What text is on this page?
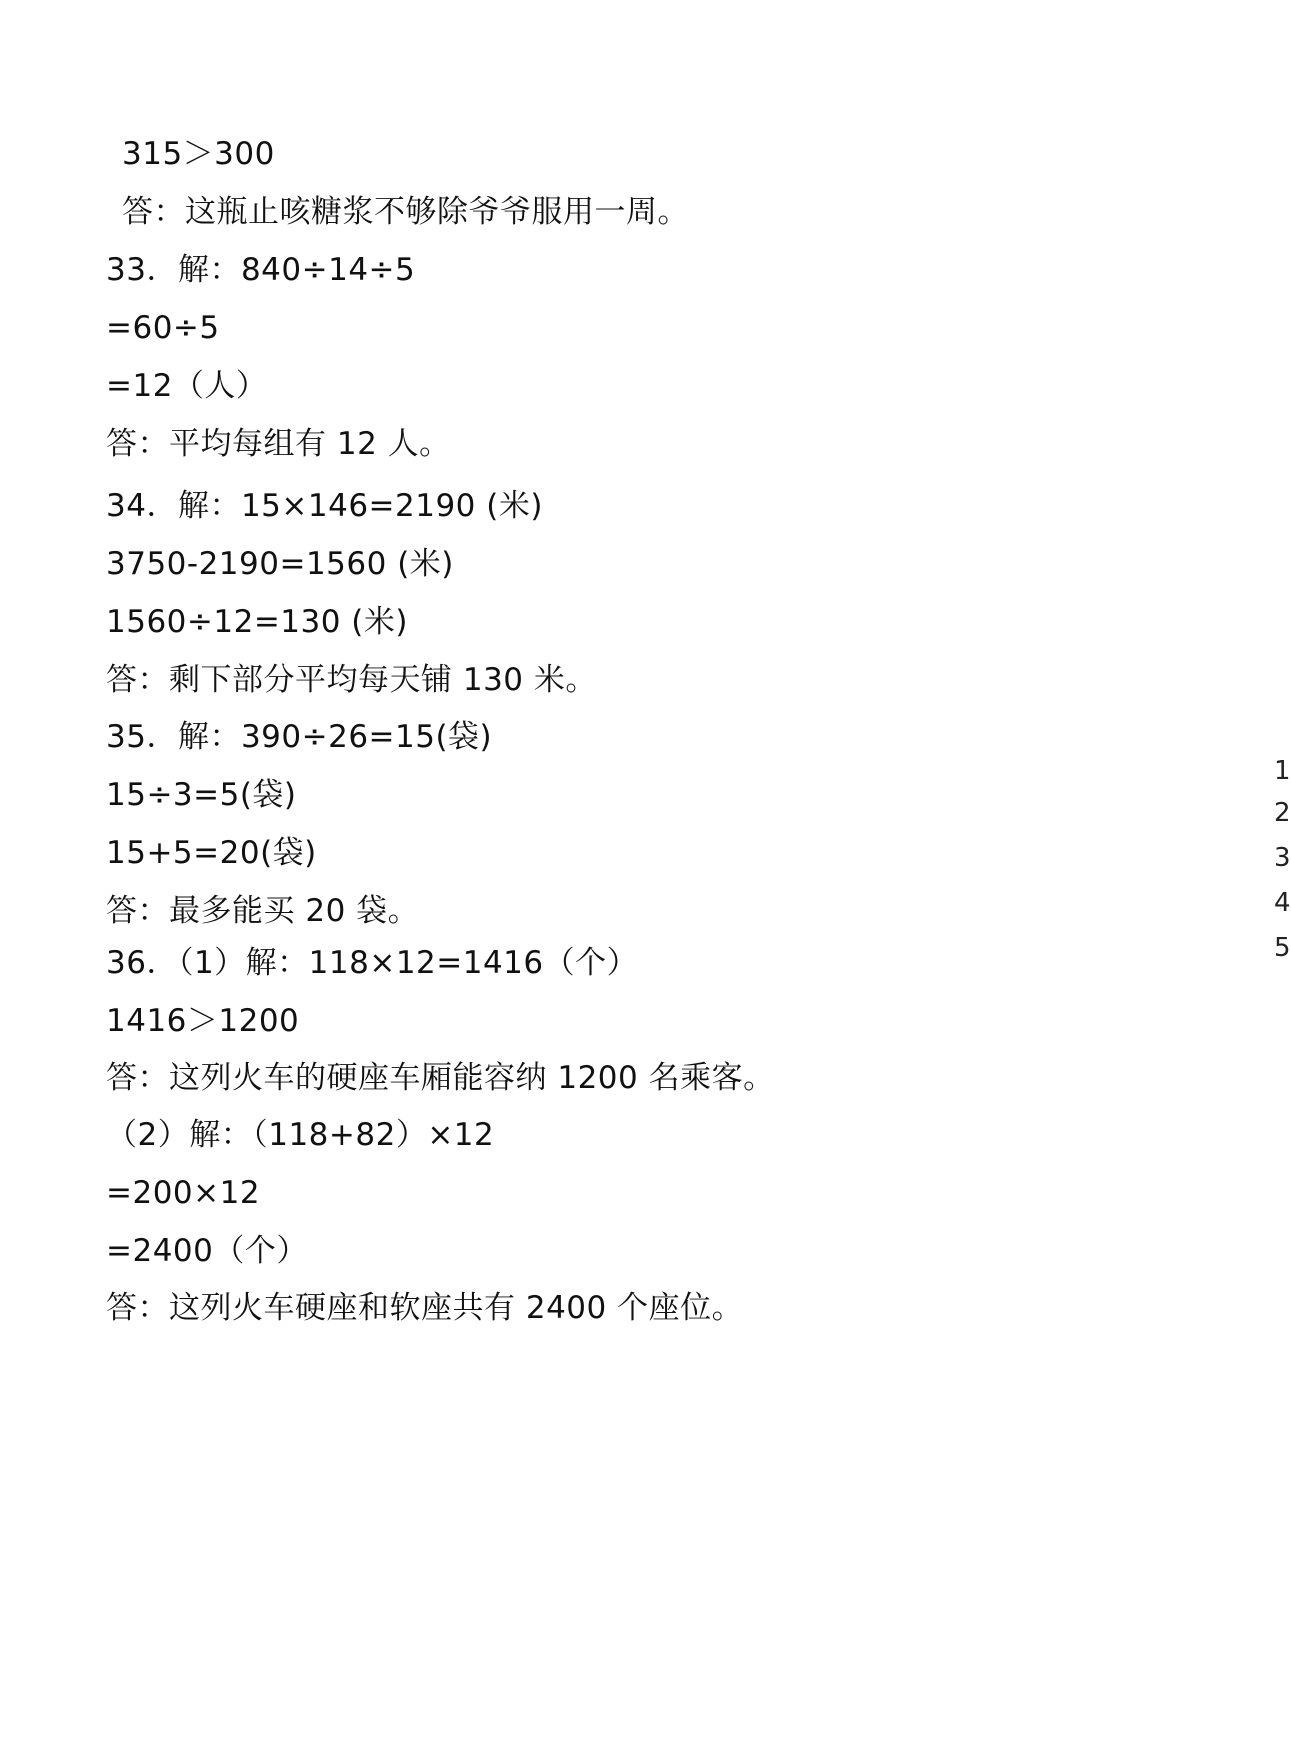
315＞300
答：这瓶止咳糖浆不够除爷爷服用一周。
33．解：840÷14÷5
=60÷5
=12（人）
答：平均每组有 12 人。
34．解：15×146=2190 (米)
3750-2190=1560 (米)
1560÷12=130 (米)
答：剩下部分平均每天铺 130 米。
35．解：390÷26=15(袋)
15÷3=5(袋)
15+5=20(袋)
答：最多能买 20 袋。
36．（1）解：118×12=1416（个）
1416＞1200
答：这列火车的硬座车厢能容纳 1200 名乘客。
（2）解：（118+82）×12
=200×12
=2400（个）
答：这列火车硬座和软座共有 2400 个座位。
1
2
3
4
5
